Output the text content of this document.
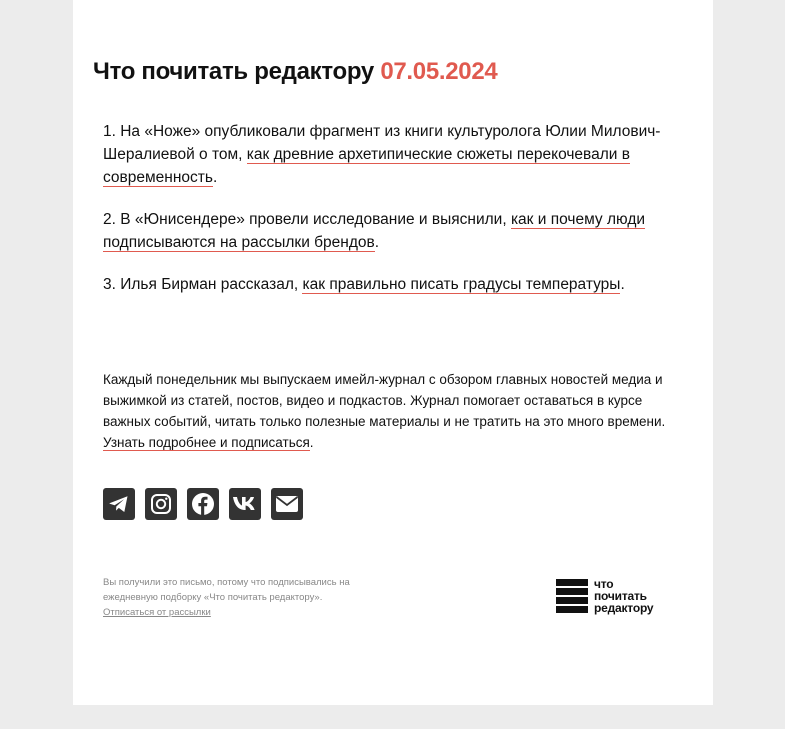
Что почитать редактору 07.05.2024

1. На «Ноже» опубликовали фрагмент из книги культуролога Юлии Милович-Шералиевой о том, как древние архетипические сюжеты перекочевали в современность.

2. В «Юнисендере» провели исследование и выяснили, как и почему люди подписываются на рассылки брендов.

3. Илья Бирман рассказал, как правильно писать градусы температуры.

Каждый понедельник мы выпускаем имейл-журнал с обзором главных новостей медиа и выжимкой из статей, постов, видео и подкастов. Журнал помогает оставаться в курсе важных событий, читать только полезные материалы и не тратить на это много времени. Узнать подробнее и подписаться.

Вы получили это письмо, потому что подписывались на ежедневную подборку «Что почитать редактору».
Отписаться от рассылки
что
почитать
редактору
